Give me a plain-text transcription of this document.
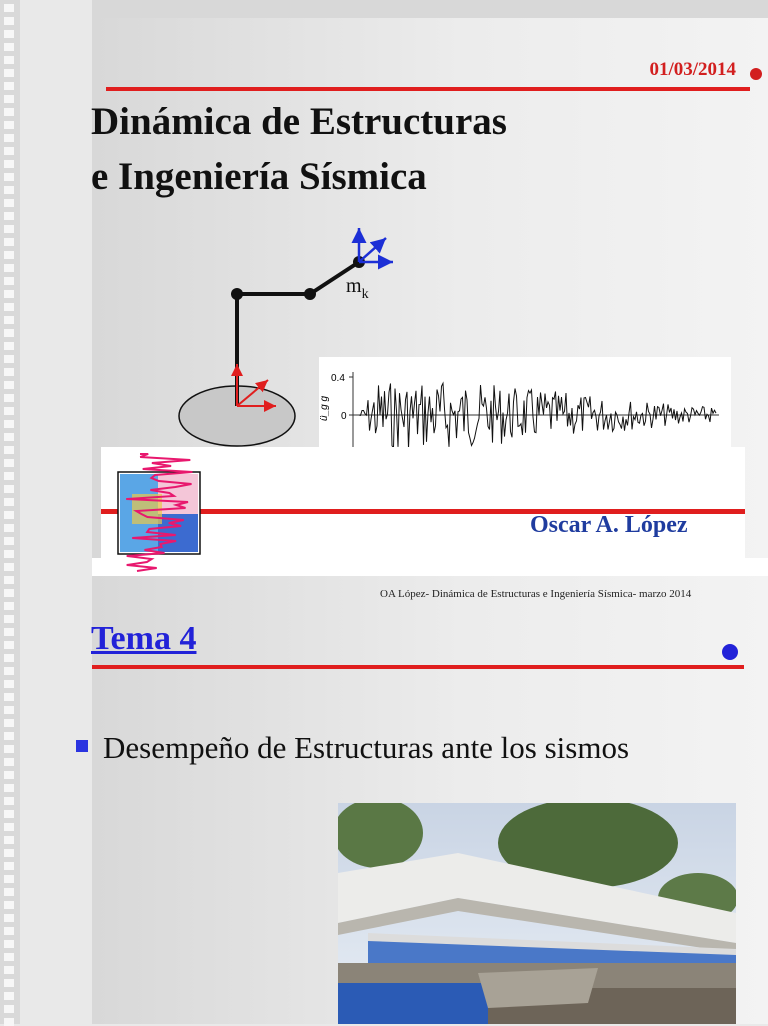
01/03/2014
Dinámica de Estructuras
e Ingeniería Sísmica
$m_k$
0.4
0
ü_g g
Oscar A. López
OA López- Dinámica de Estructuras e Ingeniería Sísmica- marzo 2014
Tema 4
Desempeño de Estructuras ante los sismos
